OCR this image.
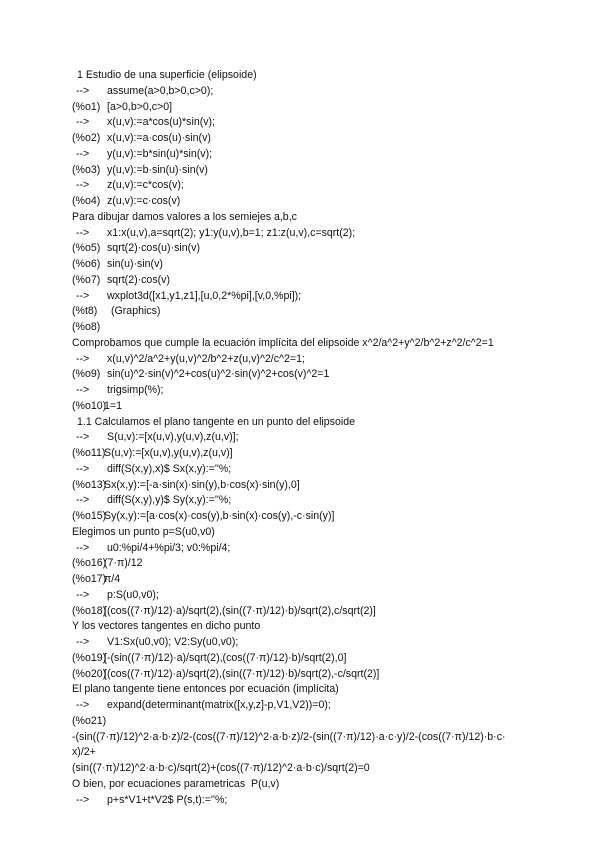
1 Estudio de una superficie (elipsoide)
--> assume(a>0,b>0,c>0);
(%o1) [a>0,b>0,c>0]
--> x(u,v):=a*cos(u)*sin(v);
(%o2) x(u,v):=a·cos(u)·sin(v)
--> y(u,v):=b*sin(u)*sin(v);
(%o3) y(u,v):=b·sin(u)·sin(v)
--> z(u,v):=c*cos(v);
(%o4) z(u,v):=c·cos(v)
Para dibujar damos valores a los semiejes a,b,c
--> x1:x(u,v),a=sqrt(2); y1:y(u,v),b=1; z1:z(u,v),c=sqrt(2);
(%o5) sqrt(2)·cos(u)·sin(v)
(%o6) sin(u)·sin(v)
(%o7) sqrt(2)·cos(v)
--> wxplot3d([x1,y1,z1],[u,0,2*%pi],[v,0,%pi]);
(%t8) (Graphics)
(%o8)
Comprobamos que cumple la ecuación implícita del elipsoide x^2/a^2+y^2/b^2+z^2/c^2=1
--> x(u,v)^2/a^2+y(u,v)^2/b^2+z(u,v)^2/c^2=1;
(%o9) sin(u)^2·sin(v)^2+cos(u)^2·sin(v)^2+cos(v)^2=1
--> trigsimp(%);
(%o10)
1=1
1.1 Calculamos el plano tangente en un punto del elipsoide
--> S(u,v):=[x(u,v),y(u,v),z(u,v)];
(%o11)
S(u,v):=[x(u,v),y(u,v),z(u,v)]
--> diff(S(x,y),x)$ Sx(x,y):=''%;
(%o13)
Sx(x,y):=[-a·sin(x)·sin(y),b·cos(x)·sin(y),0]
--> diff(S(x,y),y)$ Sy(x,y):=''%;
(%o15)
Sy(x,y):=[a·cos(x)·cos(y),b·sin(x)·cos(y),-c·sin(y)]
Elegimos un punto p=S(u0,v0)
--> u0:%pi/4+%pi/3; v0:%pi/4;
(%o16)
(7·π)/12
(%o17)
π/4
--> p:S(u0,v0);
(%o18)
[(cos((7·π)/12)·a)/sqrt(2),(sin((7·π)/12)·b)/sqrt(2),c/sqrt(2)]
Y los vectores tangentes en dicho punto
--> V1:Sx(u0,v0); V2:Sy(u0,v0);
(%o19)
[-(sin((7·π)/12)·a)/sqrt(2),(cos((7·π)/12)·b)/sqrt(2),0]
(%o20)
[(cos((7·π)/12)·a)/sqrt(2),(sin((7·π)/12)·b)/sqrt(2),-c/sqrt(2)]
El plano tangente tiene entonces por ecuación (implícita)
--> expand(determinant(matrix([x,y,z]-p,V1,V2))=0);
(%o21)
-(sin((7·π)/12)^2·a·b·z)/2-(cos((7·π)/12)^2·a·b·z)/2-(sin((7·π)/12)·a·c·y)/2-(cos((7·π)/12)·b·c·
x)/2+
(sin((7·π)/12)^2·a·b·c)/sqrt(2)+(cos((7·π)/12)^2·a·b·c)/sqrt(2)=0
O bien, por ecuaciones parametricas  P(u,v)
--> p+s*V1+t*V2$ P(s,t):=''%;
